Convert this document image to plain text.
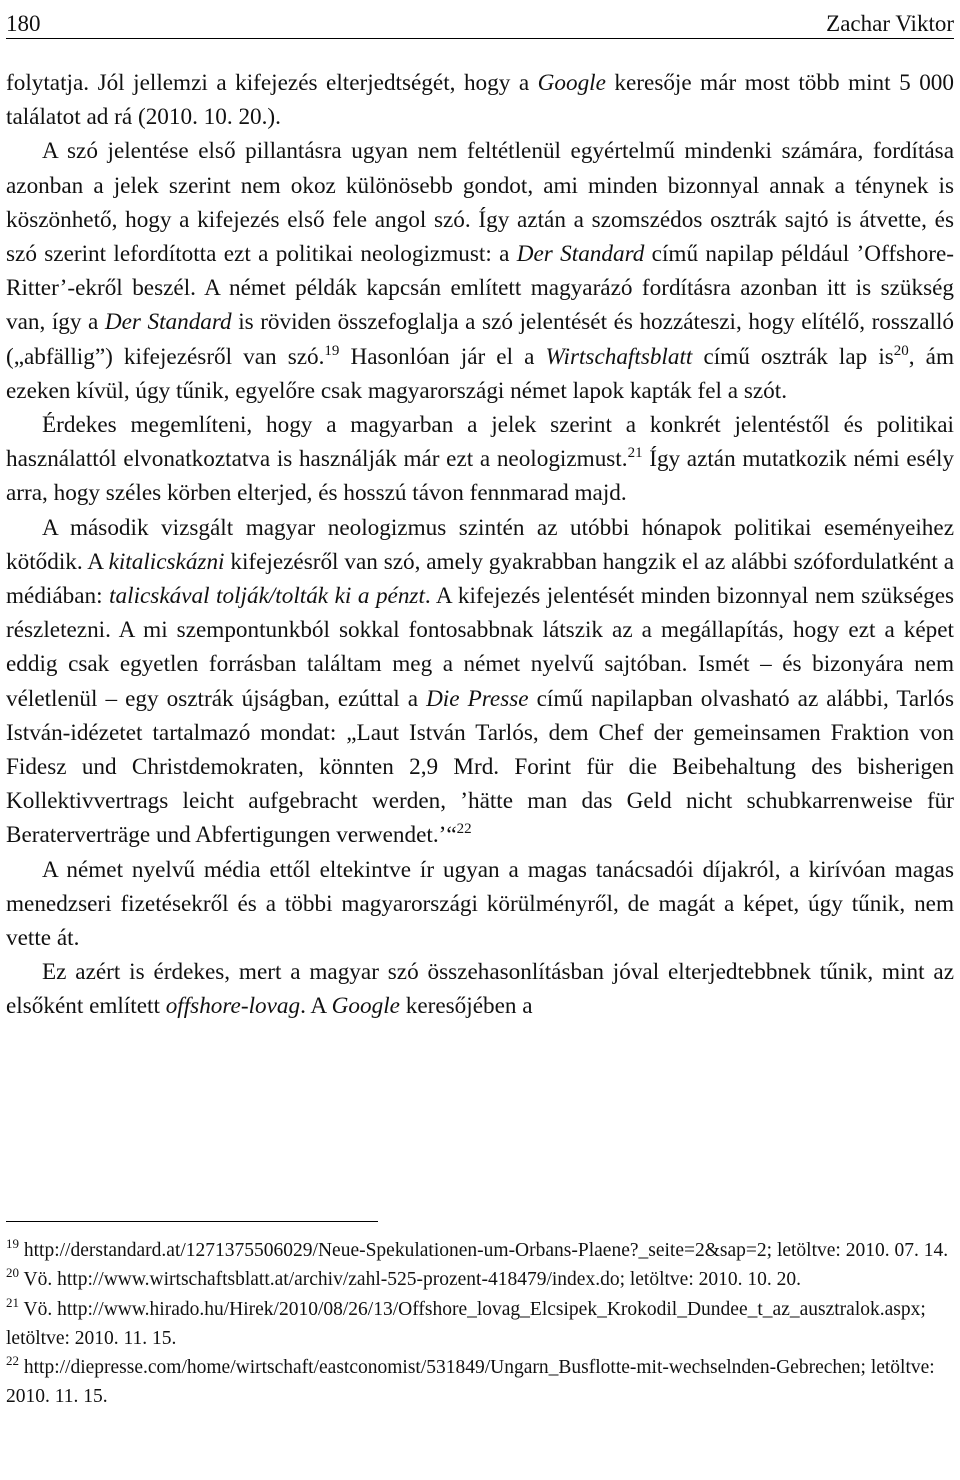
180	Zachar Viktor

folytatja. Jól jellemzi a kifejezés elterjedtségét, hogy a Google keresője már most több mint 5 000 találatot ad rá (2010. 10. 20.).

A szó jelentése első pillantásra ugyan nem feltétlenül egyértelmű mindenki számára, fordítása azonban a jelek szerint nem okoz különösebb gondot, ami minden bizonnyal annak a ténynek is köszönhető, hogy a kifejezés első fele angol szó. Így aztán a szomszédos osztrák sajtó is átvette, és szó szerint lefordította ezt a politikai neologizmust: a Der Standard című napilap például ’Offshore-Ritter’-ekről beszél. A német példák kapcsán említett magyarázó fordításra azonban itt is szükség van, így a Der Standard is röviden összefoglalja a szó jelentését és hozzáteszi, hogy elítélő, rosszalló („abfällig”) kifejezésről van szó.$^{19}$ Hasonlóan jár el a Wirtschaftsblatt című osztrák lap $is^{20}$, ám ezeken kívül, úgy tűnik, egyelőre csak magyarországi német lapok kapták fel a szót.

Érdekes megemlíteni, hogy a magyarban a jelek szerint a konkrét jelentéstől és politikai használattól elvonatkoztatva is használják már ezt a neologizmust.$^{21}$ Így aztán mutatkozik némi esély arra, hogy széles körben elterjed, és hosszú távon fennmarad majd.

A második vizsgált magyar neologizmus szintén az utóbbi hónapok politikai eseményeihez kötődik. A kitalicskázni kifejezésről van szó, amely gyakrabban hangzik el az alábbi szófordulatként a médiában: talicskával tolják/tolták ki a pénzt. A kifejezés jelentését minden bizonnyal nem szükséges részletezni. A mi szempontunkból sokkal fontosabbnak látszik az a megállapítás, hogy ezt a képet eddig csak egyetlen forrásban találtam meg a német nyelvű sajtóban. Ismét – és bizonyára nem véletlenül – egy osztrák újságban, ezúttal a Die Presse című napilapban olvasható az alábbi, Tarlós István-idézetet tartalmazó mondat: „Laut István Tarlós, dem Chef der gemeinsamen Fraktion von Fidesz und Christdemokraten, könnten 2,9 Mrd. Forint für die Beibehaltung des bisherigen Kollektivvertrags leicht aufgebracht werden, ’hätte man das Geld nicht schubkarrenweise für Beraterverträge und Abfertigungen verwendet.’“$^{22}$

A német nyelvű média ettől eltekintve ír ugyan a magas tanácsadói díjakról, a kirívóan magas menedzseri fizetésekről és a többi magyarországi körülményről, de magát a képet, úgy tűnik, nem vette át.

Ez azért is érdekes, mert a magyar szó összehasonlításban jóval elterjedtebbnek tűnik, mint az elsőként említett offshore-lovag. A Google keresőjében a

$^{19}$ http://derstandard.at/1271375506029/Neue-Spekulationen-um-Orbans-Plaene?_seite=2&sap=2; letöltve: 2010. 07. 14.
$^{20}$ Vö. http://www.wirtschaftsblatt.at/archiv/zahl-525-prozent-418479/index.do; letöltve: 2010. 10. 20.
$^{21}$ Vö. http://www.hirado.hu/Hirek/2010/08/26/13/Offshore_lovag_Elcsipek_Krokodil_Dundee_t_az_ausztralok.aspx; letöltve: 2010. 11. 15.
$^{22}$ http://diepresse.com/home/wirtschaft/eastconomist/531849/Ungarn_Busflotte-mit-wechselnden-Gebrechen; letöltve: 2010. 11. 15.
